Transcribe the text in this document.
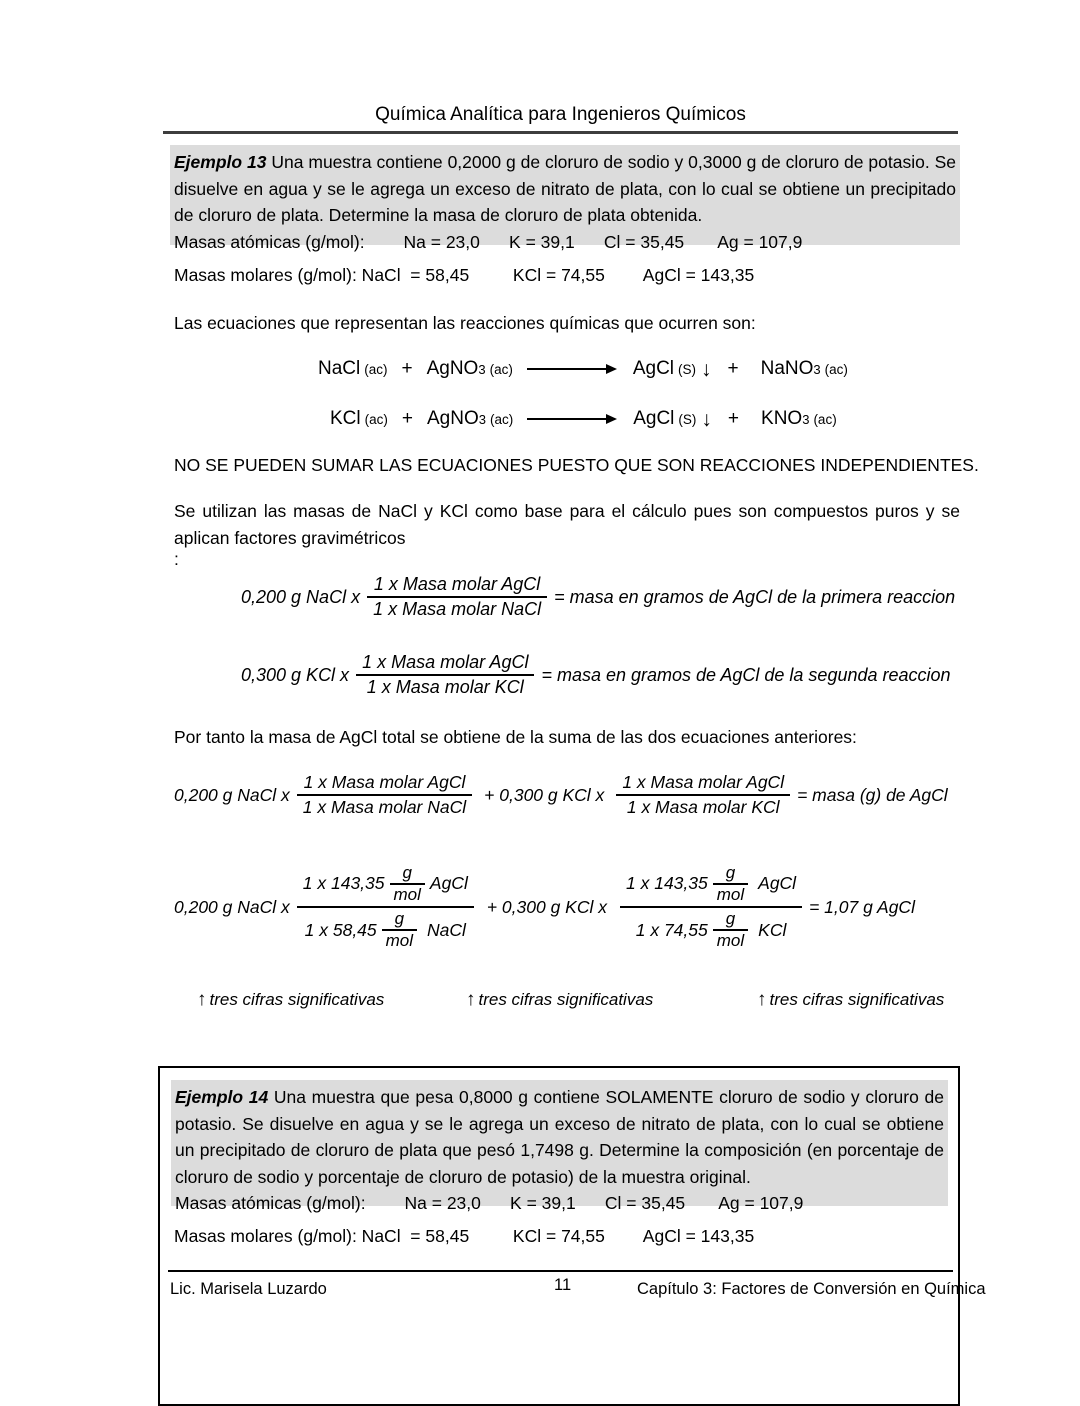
Química Analítica para Ingenieros Químicos
Ejemplo 13 Una muestra contiene 0,2000 g de cloruro de sodio y 0,3000 g de cloruro de potasio. Se disuelve en agua y se le agrega un exceso de nitrato de plata, con lo cual se obtiene un precipitado de cloruro de plata. Determine la masa de cloruro de plata obtenida.
Masas atómicas (g/mol):        Na = 23,0      K = 39,1      Cl = 35,45       Ag = 107,9
Masas molares (g/mol): NaCl  = 58,45         KCl = 74,55        AgCl = 143,35
Las ecuaciones que representan las reacciones químicas que ocurren son:
NaCl (ac) + AgNO 3 (ac)	AgCl (S) ↓ + NaNO 3 (ac)
KCl (ac) + AgNO 3 (ac)	AgCl (S) ↓ + KNO 3 (ac)
NO SE PUEDEN SUMAR LAS ECUACIONES PUESTO QUE SON REACCIONES INDEPENDIENTES.
Se utilizan las masas de NaCl y KCl como base para el cálculo pues son compuestos puros y se aplican factores gravimétricos
:
0,200 g NaCl x $\frac{\text{1 x Masa molar AgCl}}{\text{1 x Masa molar NaCl}}$ = masa en gramos de AgCl de la primera reaccion
0,300 g KCl x $\frac{\text{1 x Masa molar AgCl}}{\text{1 x Masa molar KCl}}$ = masa en gramos de AgCl de la segunda reaccion
Por tanto la masa de AgCl total se obtiene de la suma de las dos ecuaciones anteriores:
0,200 g NaCl x $\frac{\text{1 x Masa molar AgCl}}{\text{1 x Masa molar NaCl}} + 0,300$ g KCl x $\frac{\text{1 x Masa molar AgCl}}{\text{1 x Masa molar KCl}}$ = masa (g) de AgCl
0,200 g NaCl x
1 x $143,35 \frac{g}{\text{mol}}$ AgCl
1 x $58,45 \frac{g}{\text{mol}}$ NaCl
+ 0,300 g KCl x
1 x $143,35 \frac{g}{\text{mol}}$ AgCl
1 x $74,55 \frac{g}{\text{mol}}$ KCl
= 1,07 g AgCl
↑ tres cifras significativas	↑ tres cifras significativas	↑ tres cifras significativas
Ejemplo 14 Una muestra que pesa 0,8000 g contiene SOLAMENTE cloruro de sodio y cloruro de potasio. Se disuelve en agua y se le agrega un exceso de nitrato de plata, con lo cual se obtiene un precipitado de cloruro de plata que pesó 1,7498 g. Determine la composición (en porcentaje de cloruro de sodio y porcentaje de cloruro de potasio) de la muestra original.
Masas atómicas (g/mol):        Na = 23,0      K = 39,1      Cl = 35,45       Ag = 107,9
Masas molares (g/mol): NaCl  = 58,45         KCl = 74,55        AgCl = 143,35
Lic. Marisela Luzardo	11	Capítulo 3: Factores de Conversión en Química
